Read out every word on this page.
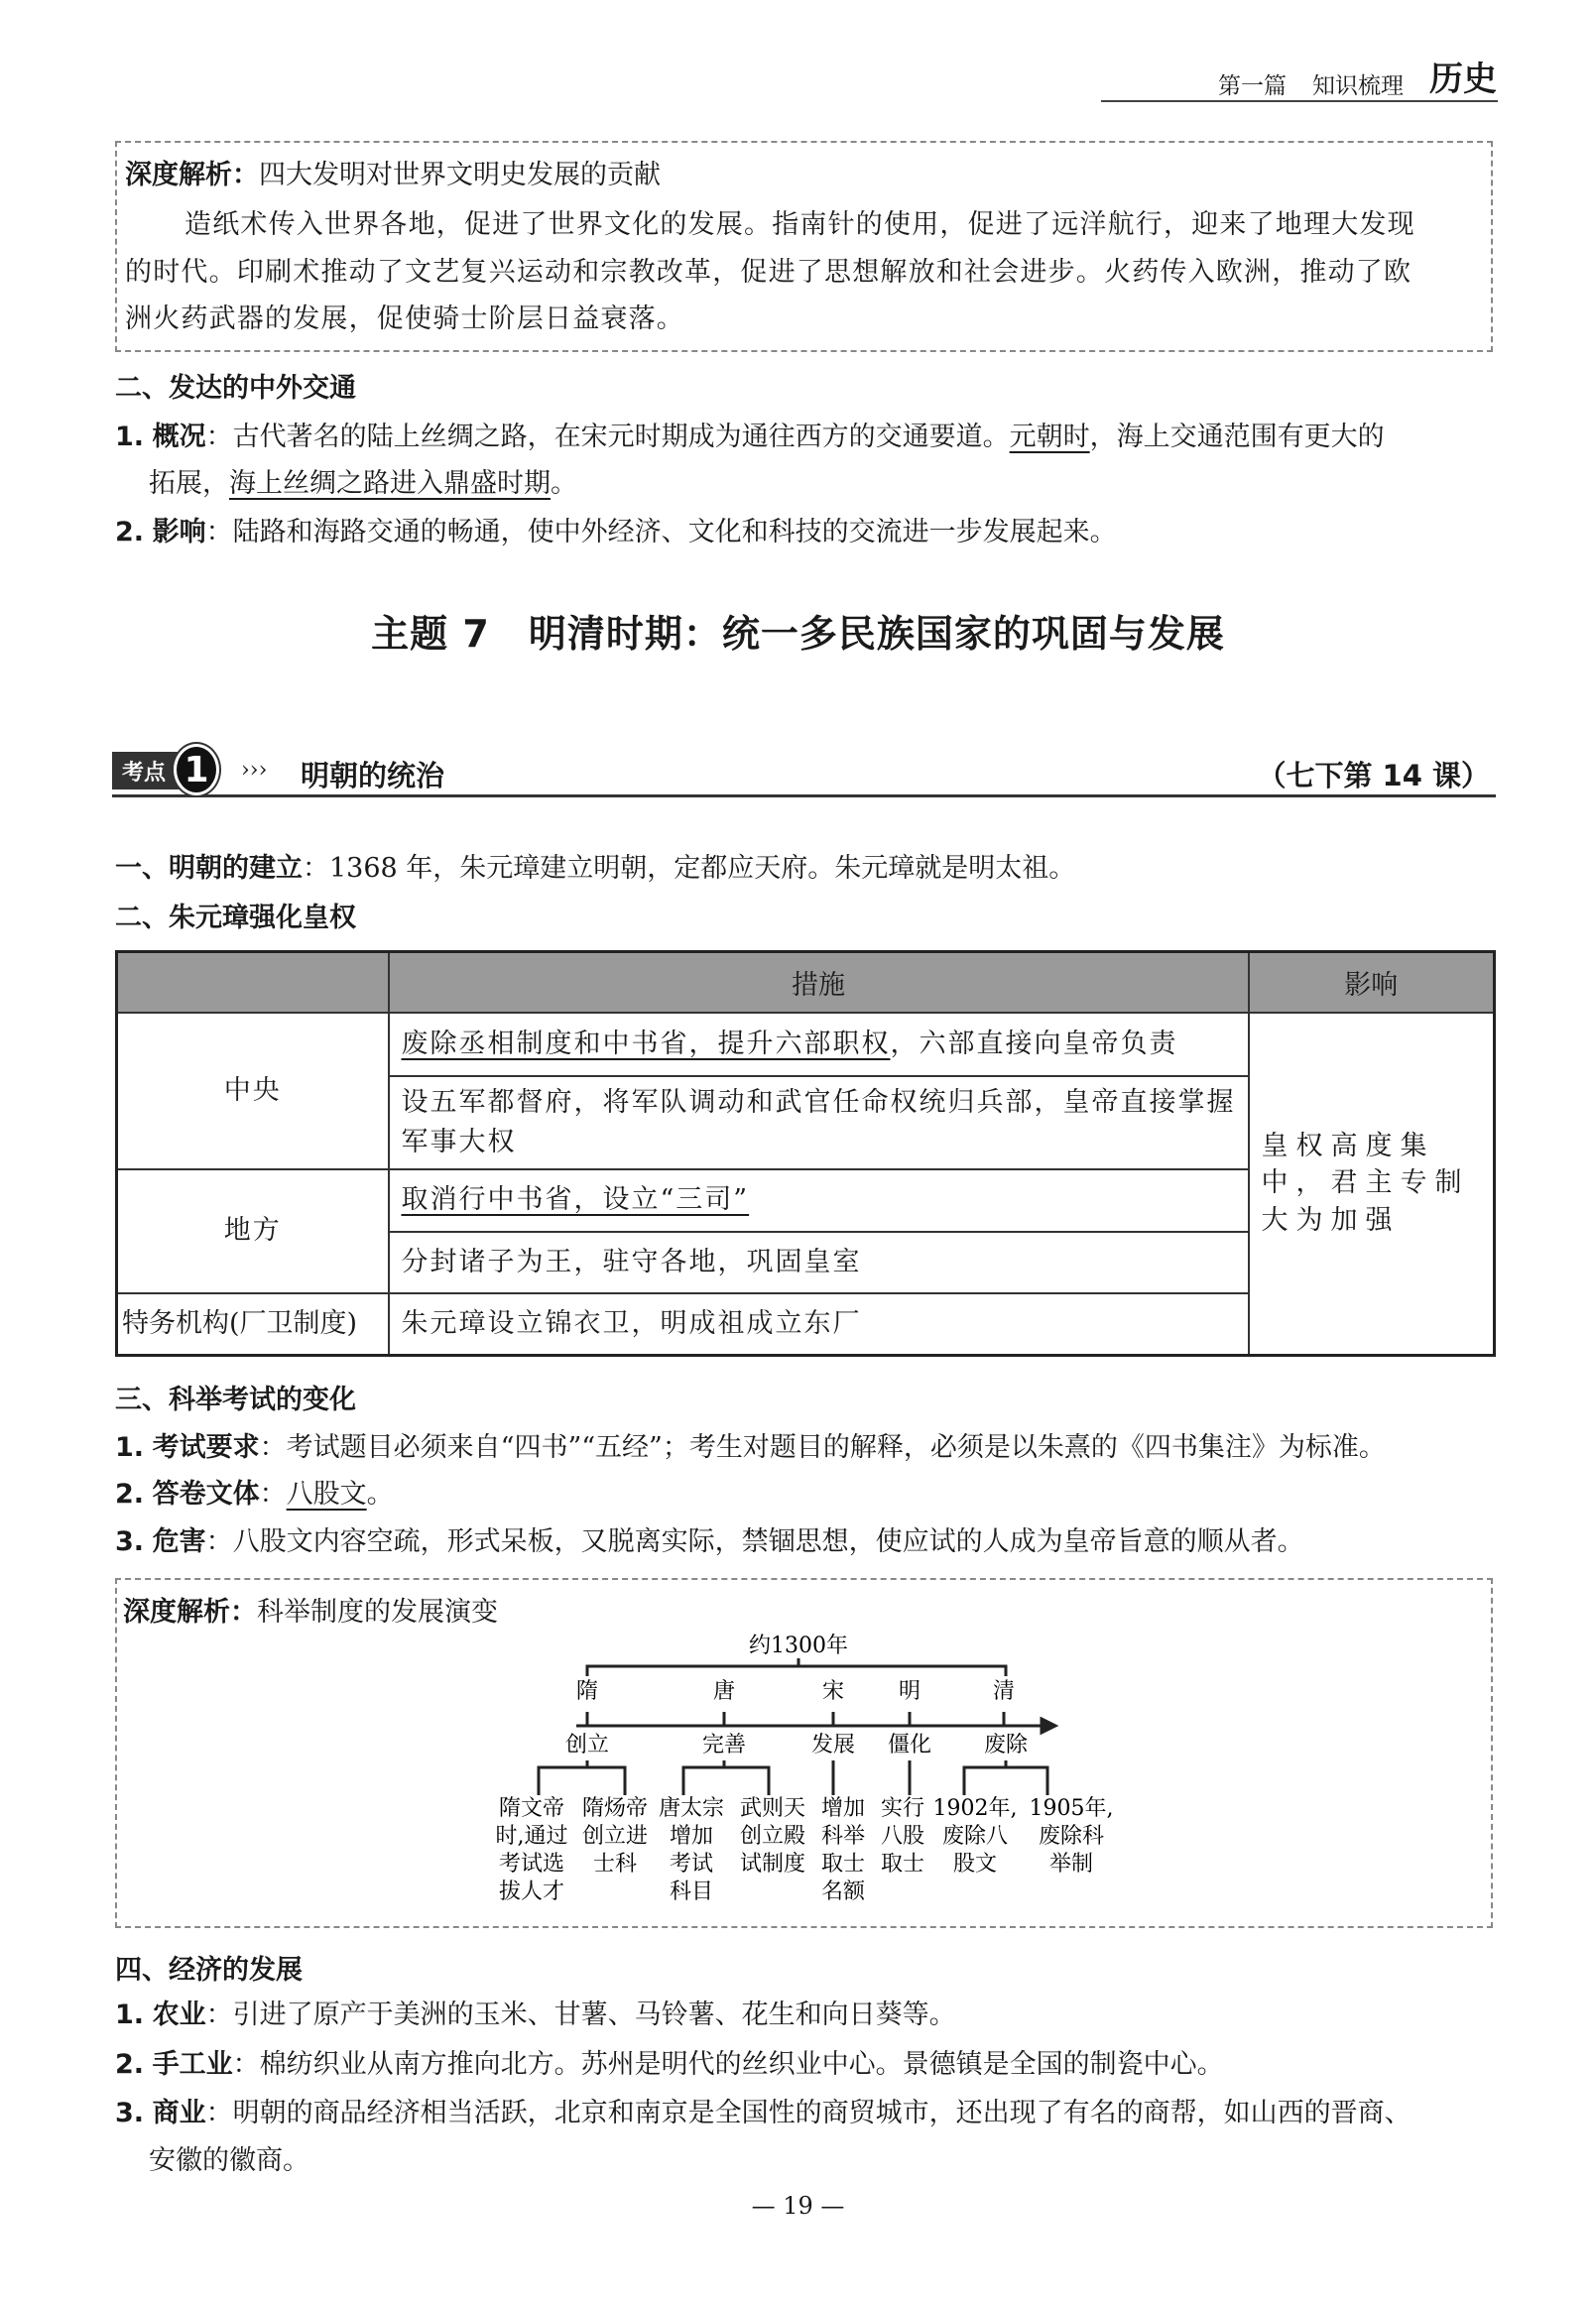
第一篇 知识梳理 历史
深度解析：四大发明对世界文明史发展的贡献
造纸术传入世界各地，促进了世界文化的发展。指南针的使用，促进了远洋航行，迎来了地理大发现
的时代。印刷术推动了文艺复兴运动和宗教改革，促进了思想解放和社会进步。火药传入欧洲，推动了欧
洲火药武器的发展，促使骑士阶层日益衰落。
二、发达的中外交通
1. 概况：古代著名的陆上丝绸之路，在宋元时期成为通往西方的交通要道。元朝时，海上交通范围有更大的
拓展，海上丝绸之路进入鼎盛时期。
2. 影响：陆路和海路交通的畅通，使中外经济、文化和科技的交流进一步发展起来。
主题 7　明清时期：统一多民族国家的巩固与发展
考点 1	››› 明朝的统治	（七下第 14 课）
一、明朝的建立：1368 年，朱元璋建立明朝，定都应天府。朱元璋就是明太祖。
二、朱元璋强化皇权
	措施	影响
中央	废除丞相制度和中书省，提升六部职权，六部直接向皇帝负责	皇权高度集中，君主专制大为加强
	设五军都督府，将军队调动和武官任命权统归兵部，皇帝直接掌握军事大权	
地方	取消行中书省，设立“三司”	
	分封诸子为王，驻守各地，巩固皇室	
特务机构(厂卫制度)	朱元璋设立锦衣卫，明成祖成立东厂	
三、科举考试的变化
1. 考试要求：考试题目必须来自“四书”“五经”；考生对题目的解释，必须是以朱熹的《四书集注》为标准。
2. 答卷文体：八股文。
3. 危害：八股文内容空疏，形式呆板，又脱离实际，禁锢思想，使应试的人成为皇帝旨意的顺从者。
深度解析：科举制度的发展演变
约1300年
隋	唐	宋 明	清
创立	完善	发展 僵化 废除
隋文帝
时,通过
考试选
拔人才
隋炀帝
创立进
士科
唐太宗
增加
考试
科目
武则天
创立殿
试制度
增加
科举
取士
名额
实行
八股
取士
1902年,
废除八
股文
1905年,
废除科
举制
四、经济的发展
1. 农业：引进了原产于美洲的玉米、甘薯、马铃薯、花生和向日葵等。
2. 手工业：棉纺织业从南方推向北方。苏州是明代的丝织业中心。景德镇是全国的制瓷中心。
3. 商业：明朝的商品经济相当活跃，北京和南京是全国性的商贸城市，还出现了有名的商帮，如山西的晋商、
安徽的徽商。
— 19 —
